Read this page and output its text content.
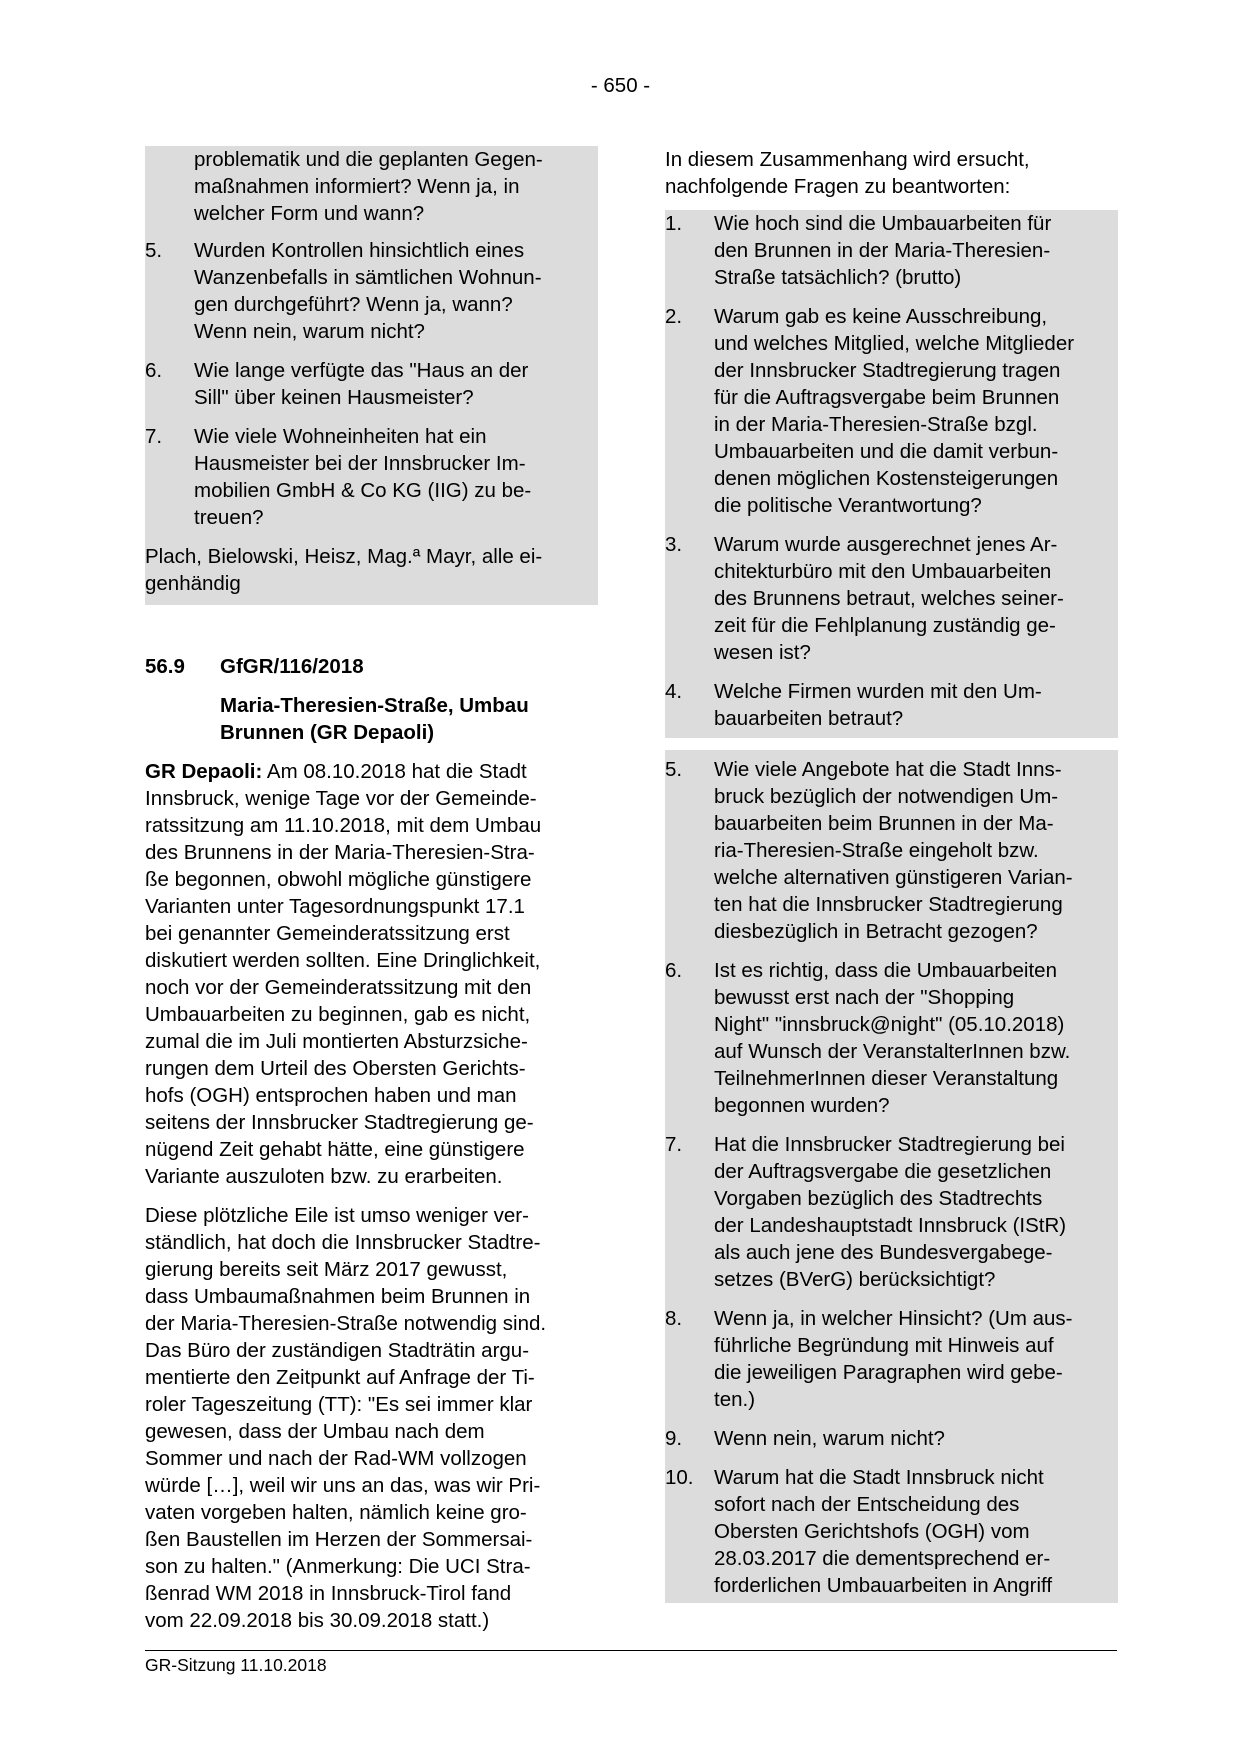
- 650 -
problematik und die geplanten Gegen-
maßnahmen informiert? Wenn ja, in
welcher Form und wann?
5.	Wurden Kontrollen hinsichtlich eines
Wanzenbefalls in sämtlichen Wohnun-
gen durchgeführt? Wenn ja, wann?
Wenn nein, warum nicht?
6.	Wie lange verfügte das "Haus an der
Sill" über keinen Hausmeister?
7.	Wie viele Wohneinheiten hat ein
Hausmeister bei der Innsbrucker Im-
mobilien GmbH & Co KG (IIG) zu be-
treuen?
Plach, Bielowski, Heisz, Mag.ª Mayr, alle ei-
genhändig
56.9	GfGR/116/2018
Maria-Theresien-Straße, Umbau
Brunnen (GR Depaoli)
GR Depaoli: Am 08.10.2018 hat die Stadt
Innsbruck, wenige Tage vor der Gemeinde-
ratssitzung am 11.10.2018, mit dem Umbau
des Brunnens in der Maria-Theresien-Stra-
ße begonnen, obwohl mögliche günstigere
Varianten unter Tagesordnungspunkt 17.1
bei genannter Gemeinderatssitzung erst
diskutiert werden sollten. Eine Dringlichkeit,
noch vor der Gemeinderatssitzung mit den
Umbauarbeiten zu beginnen, gab es nicht,
zumal die im Juli montierten Absturzsiche-
rungen dem Urteil des Obersten Gerichts-
hofs (OGH) entsprochen haben und man
seitens der Innsbrucker Stadtregierung ge-
nügend Zeit gehabt hätte, eine günstigere
Variante auszuloten bzw. zu erarbeiten.
Diese plötzliche Eile ist umso weniger ver-
ständlich, hat doch die Innsbrucker Stadtre-
gierung bereits seit März 2017 gewusst,
dass Umbaumaßnahmen beim Brunnen in
der Maria-Theresien-Straße notwendig sind.
Das Büro der zuständigen Stadträtin argu-
mentierte den Zeitpunkt auf Anfrage der Ti-
roler Tageszeitung (TT): "Es sei immer klar
gewesen, dass der Umbau nach dem
Sommer und nach der Rad-WM vollzogen
würde […], weil wir uns an das, was wir Pri-
vaten vorgeben halten, nämlich keine gro-
ßen Baustellen im Herzen der Sommersai-
son zu halten." (Anmerkung: Die UCI Stra-
ßenrad WM 2018 in Innsbruck-Tirol fand
vom 22.09.2018 bis 30.09.2018 statt.)
In diesem Zusammenhang wird ersucht,
nachfolgende Fragen zu beantworten:
1.	Wie hoch sind die Umbauarbeiten für
den Brunnen in der Maria-Theresien-
Straße tatsächlich? (brutto)
2.	Warum gab es keine Ausschreibung,
und welches Mitglied, welche Mitglieder
der Innsbrucker Stadtregierung tragen
für die Auftragsvergabe beim Brunnen
in der Maria-Theresien-Straße bzgl.
Umbauarbeiten und die damit verbun-
denen möglichen Kostensteigerungen
die politische Verantwortung?
3.	Warum wurde ausgerechnet jenes Ar-
chitekturbüro mit den Umbauarbeiten
des Brunnens betraut, welches seiner-
zeit für die Fehlplanung zuständig ge-
wesen ist?
4.	Welche Firmen wurden mit den Um-
bauarbeiten betraut?
5.	Wie viele Angebote hat die Stadt Inns-
bruck bezüglich der notwendigen Um-
bauarbeiten beim Brunnen in der Ma-
ria-Theresien-Straße eingeholt bzw.
welche alternativen günstigeren Varian-
ten hat die Innsbrucker Stadtregierung
diesbezüglich in Betracht gezogen?
6.	Ist es richtig, dass die Umbauarbeiten
bewusst erst nach der "Shopping
Night" "innsbruck@night" (05.10.2018)
auf Wunsch der VeranstalterInnen bzw.
TeilnehmerInnen dieser Veranstaltung
begonnen wurden?
7.	Hat die Innsbrucker Stadtregierung bei
der Auftragsvergabe die gesetzlichen
Vorgaben bezüglich des Stadtrechts
der Landeshauptstadt Innsbruck (IStR)
als auch jene des Bundesvergabege-
setzes (BVerG) berücksichtigt?
8.	Wenn ja, in welcher Hinsicht? (Um aus-
führliche Begründung mit Hinweis auf
die jeweiligen Paragraphen wird gebe-
ten.)
9.	Wenn nein, warum nicht?
10.	Warum hat die Stadt Innsbruck nicht
sofort nach der Entscheidung des
Obersten Gerichtshofs (OGH) vom
28.03.2017 die dementsprechend er-
forderlichen Umbauarbeiten in Angriff
GR-Sitzung 11.10.2018
